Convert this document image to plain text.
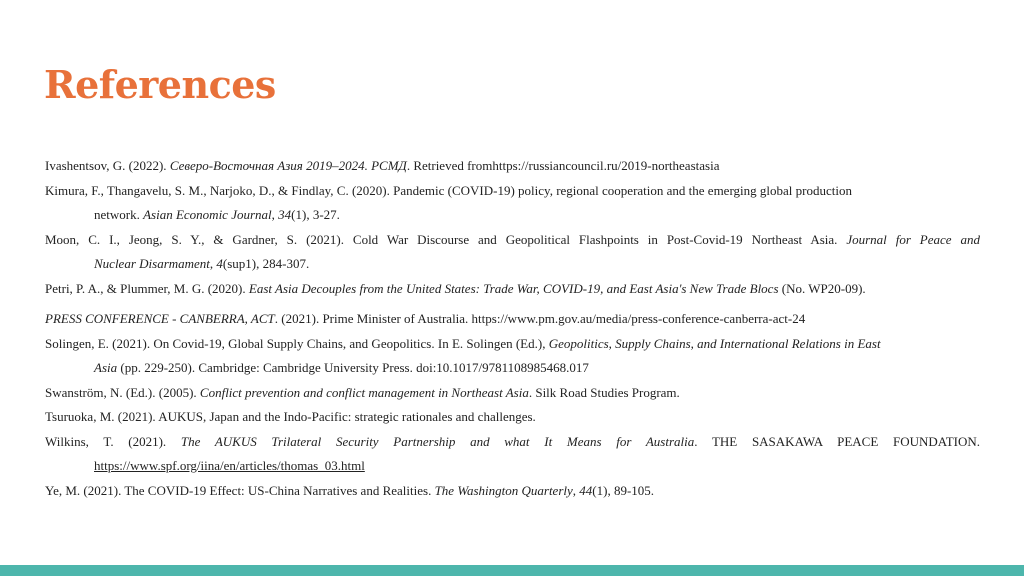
References
Ivashentsov, G. (2022). Северо-Восточная Азия 2019–2024. РСМД. Retrieved fromhttps://russiancouncil.ru/2019-northeastasia
Kimura, F., Thangavelu, S. M., Narjoko, D., & Findlay, C. (2020). Pandemic (COVID-19) policy, regional cooperation and the emerging global production
network. Asian Economic Journal, 34(1), 3-27.
Moon, C. I., Jeong, S. Y., & Gardner, S. (2021). Cold War Discourse and Geopolitical Flashpoints in Post-Covid-19 Northeast Asia. Journal for Peace and
Nuclear Disarmament, 4(sup1), 284-307.
Petri, P. A., & Plummer, M. G. (2020). East Asia Decouples from the United States: Trade War, COVID-19, and East Asia's New Trade Blocs (No. WP20-09).
PRESS CONFERENCE - CANBERRA, ACT. (2021). Prime Minister of Australia. https://www.pm.gov.au/media/press-conference-canberra-act-24
Solingen, E. (2021). On Covid-19, Global Supply Chains, and Geopolitics. In E. Solingen (Ed.), Geopolitics, Supply Chains, and International Relations in East
Asia (pp. 229-250). Cambridge: Cambridge University Press. doi:10.1017/9781108985468.017
Swanström, N. (Ed.). (2005). Conflict prevention and conflict management in Northeast Asia. Silk Road Studies Program.
Tsuruoka, M. (2021). AUKUS, Japan and the Indo-Pacific: strategic rationales and challenges.
Wilkins, T. (2021). The AUKUS Trilateral Security Partnership and what It Means for Australia. THE SASAKAWA PEACE FOUNDATION.
https://www.spf.org/iina/en/articles/thomas_03.html
Ye, M. (2021). The COVID-19 Effect: US-China Narratives and Realities. The Washington Quarterly, 44(1), 89-105.
